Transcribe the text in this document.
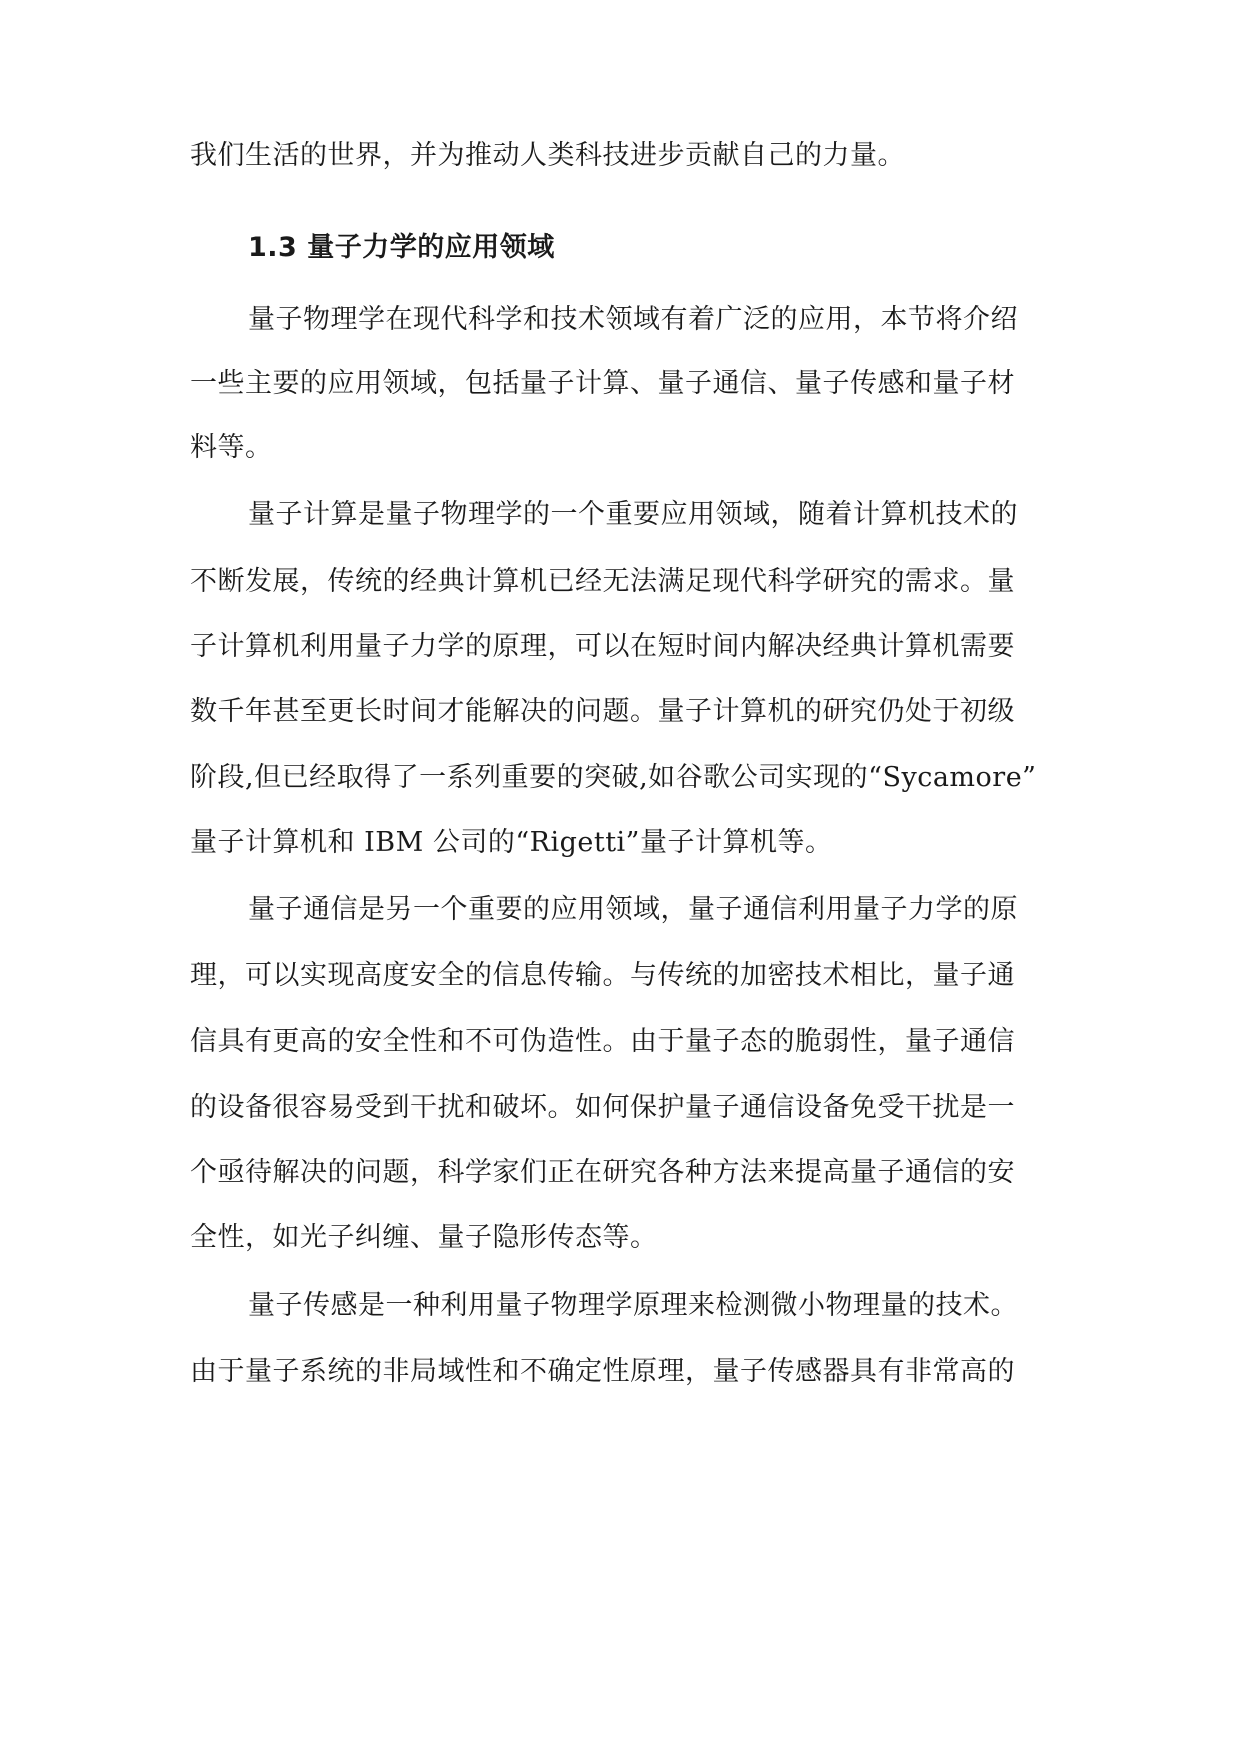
我们生活的世界，并为推动人类科技进步贡献自己的力量。
1.3 量子力学的应用领域
量子物理学在现代科学和技术领域有着广泛的应用，本节将介绍
一些主要的应用领域，包括量子计算、量子通信、量子传感和量子材
料等。
量子计算是量子物理学的一个重要应用领域，随着计算机技术的
不断发展，传统的经典计算机已经无法满足现代科学研究的需求。量
子计算机利用量子力学的原理，可以在短时间内解决经典计算机需要
数千年甚至更长时间才能解决的问题。量子计算机的研究仍处于初级
阶段,但已经取得了一系列重要的突破,如谷歌公司实现的“Sycamore”
量子计算机和 IBM 公司的“Rigetti”量子计算机等。
量子通信是另一个重要的应用领域，量子通信利用量子力学的原
理，可以实现高度安全的信息传输。与传统的加密技术相比，量子通
信具有更高的安全性和不可伪造性。由于量子态的脆弱性，量子通信
的设备很容易受到干扰和破坏。如何保护量子通信设备免受干扰是一
个亟待解决的问题，科学家们正在研究各种方法来提高量子通信的安
全性，如光子纠缠、量子隐形传态等。
量子传感是一种利用量子物理学原理来检测微小物理量的技术。
由于量子系统的非局域性和不确定性原理，量子传感器具有非常高的
